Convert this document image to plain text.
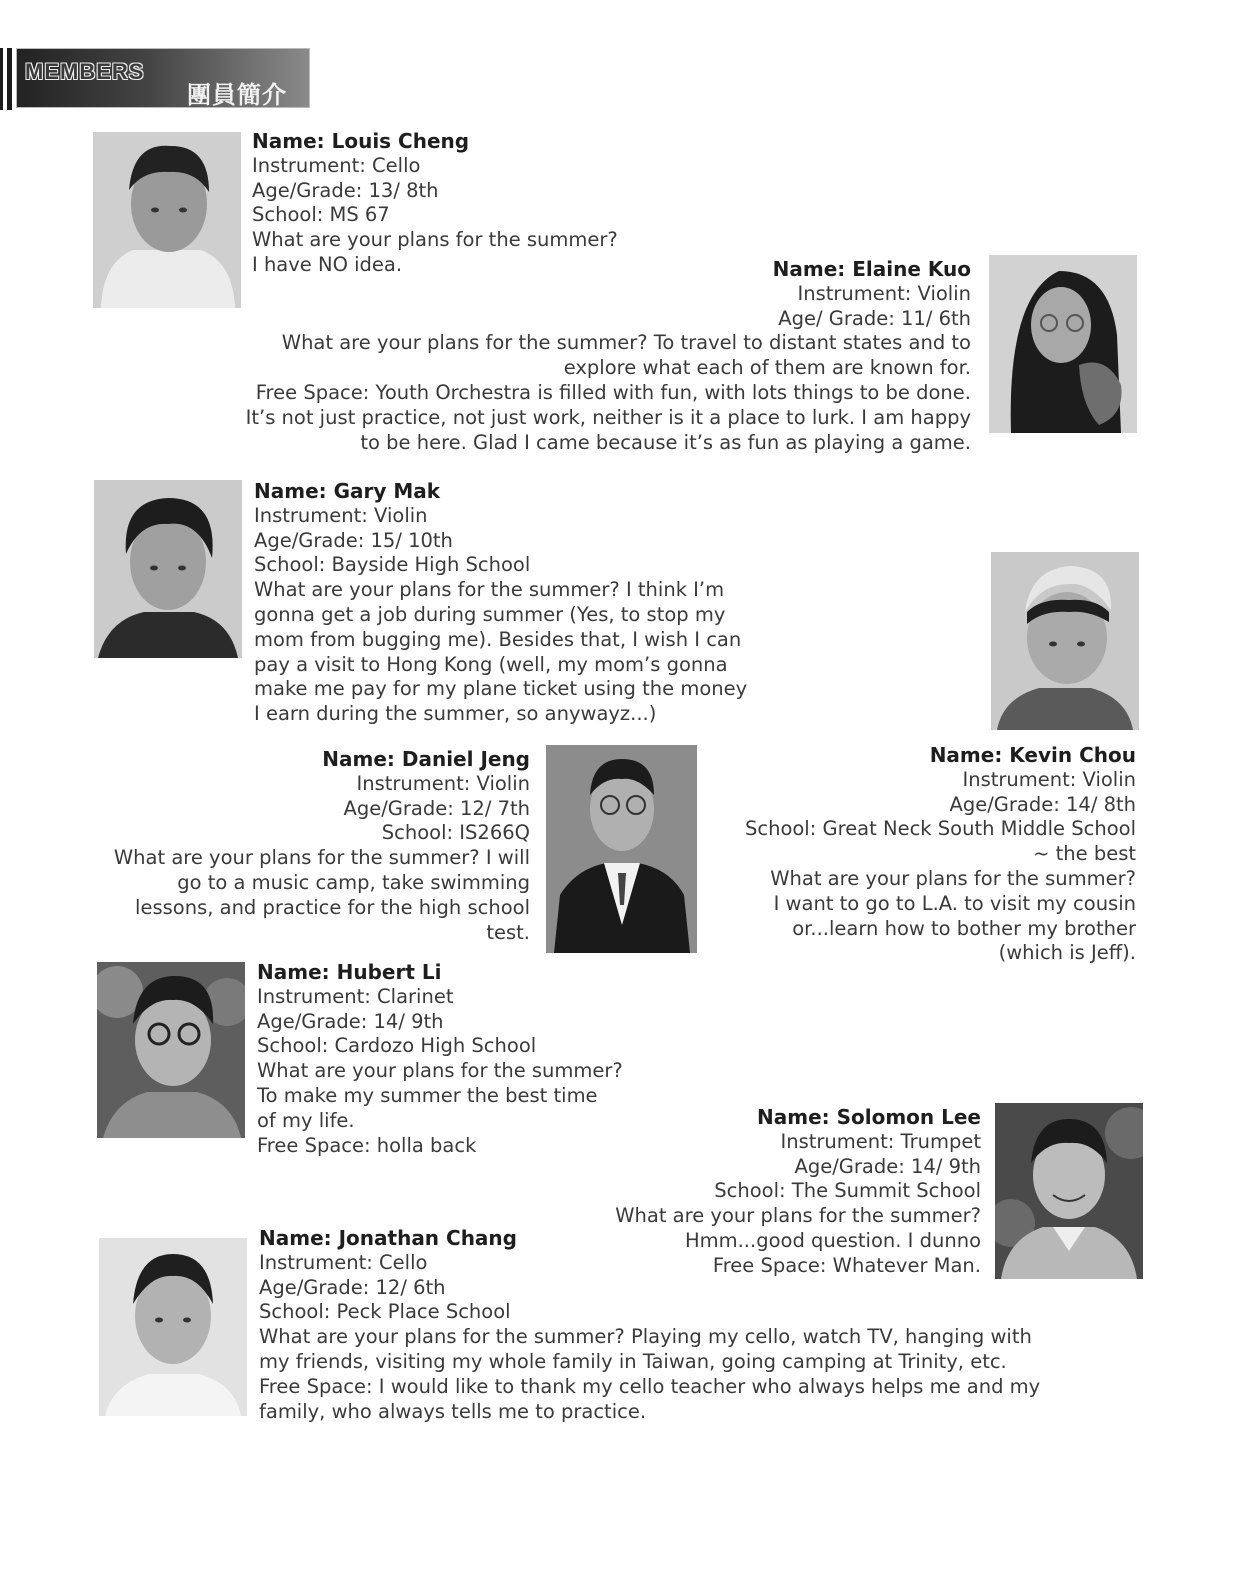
MEMBERS
團員簡介
Name: Louis Cheng
Instrument: Cello
Age/Grade: 13/ 8th
School: MS 67
What are your plans for the summer?
I have NO idea.	Name: Elaine Kuo
Instrument: Violin
Age/ Grade: 11/ 6th
What are your plans for the summer? To travel to distant states and to
explore what each of them are known for.
Free Space: Youth Orchestra is filled with fun, with lots things to be done.
It’s not just practice, not just work, neither is it a place to lurk. I am happy
to be here. Glad I came because it’s as fun as playing a game.
Name: Gary Mak
Instrument: Violin
Age/Grade: 15/ 10th
School: Bayside High School
What are your plans for the summer? I think I’m
gonna get a job during summer (Yes, to stop my
mom from bugging me). Besides that, I wish I can
pay a visit to Hong Kong (well, my mom’s gonna
make me pay for my plane ticket using the money
I earn during the summer, so anywayz...)
Name: Daniel Jeng
Instrument: Violin
Age/Grade: 12/ 7th
School: IS266Q
What are your plans for the summer? I will
go to a music camp, take swimming
lessons, and practice for the high school
test.
Name: Kevin Chou
Instrument: Violin
Age/Grade: 14/ 8th
School: Great Neck South Middle School
~ the best
What are your plans for the summer?
I want to go to L.A. to visit my cousin
or...learn how to bother my brother
(which is Jeff).
Name: Hubert Li
Instrument: Clarinet
Age/Grade: 14/ 9th
School: Cardozo High School
What are your plans for the summer?
To make my summer the best time
of my life.
Free Space: holla back
Name: Solomon Lee
Instrument: Trumpet
Age/Grade: 14/ 9th
School: The Summit School
What are your plans for the summer?
Hmm...good question. I dunno
Free Space: Whatever Man.
Name: Jonathan Chang
Instrument: Cello
Age/Grade: 12/ 6th
School: Peck Place School
What are your plans for the summer? Playing my cello, watch TV, hanging with
my friends, visiting my whole family in Taiwan, going camping at Trinity, etc.
Free Space: I would like to thank my cello teacher who always helps me and my
family, who always tells me to practice.
